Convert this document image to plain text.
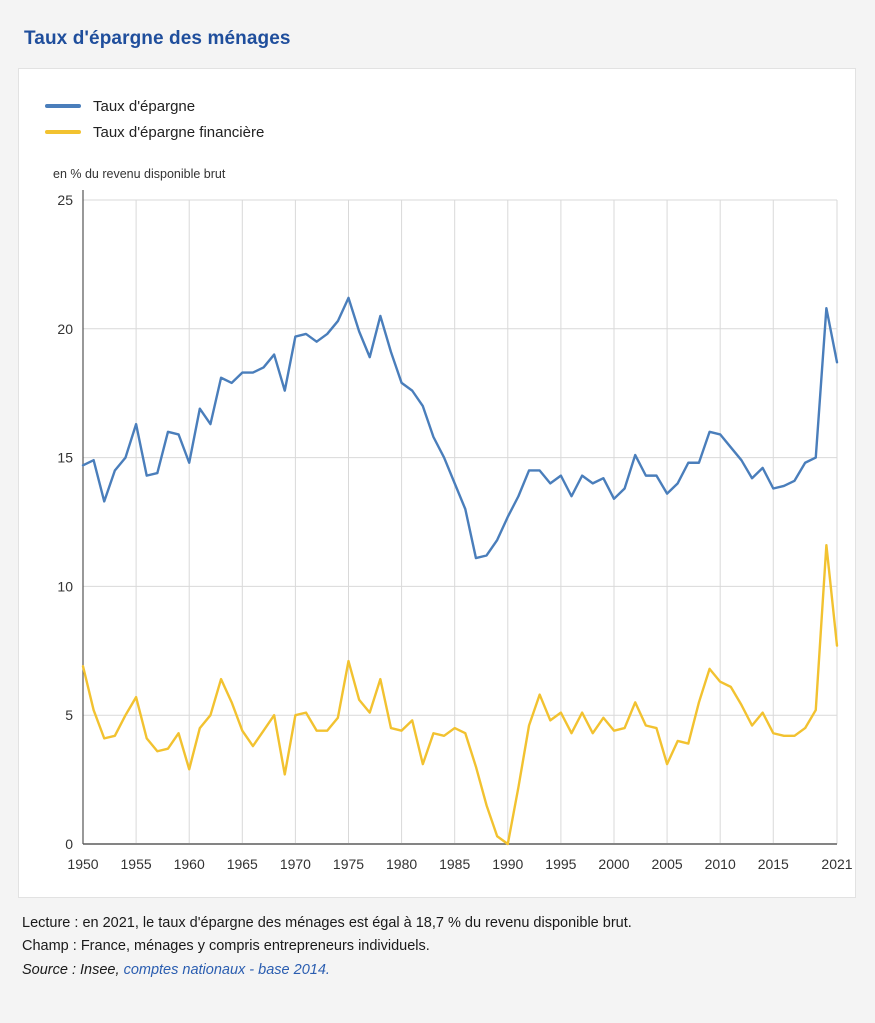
Taux d'épargne des ménages
Taux d'épargne
Taux d'épargne financière
en % du revenu disponible brut
0
5
10
15
20
25
1950 1955 1960 1965 1970 1975 1980 1985 1990 1995 2000 2005 2010 2015 2021
Lecture : en 2021, le taux d'épargne des ménages est égal à 18,7 % du revenu disponible brut.
Champ : France, ménages y compris entrepreneurs individuels.
Source : Insee, comptes nationaux - base 2014.
